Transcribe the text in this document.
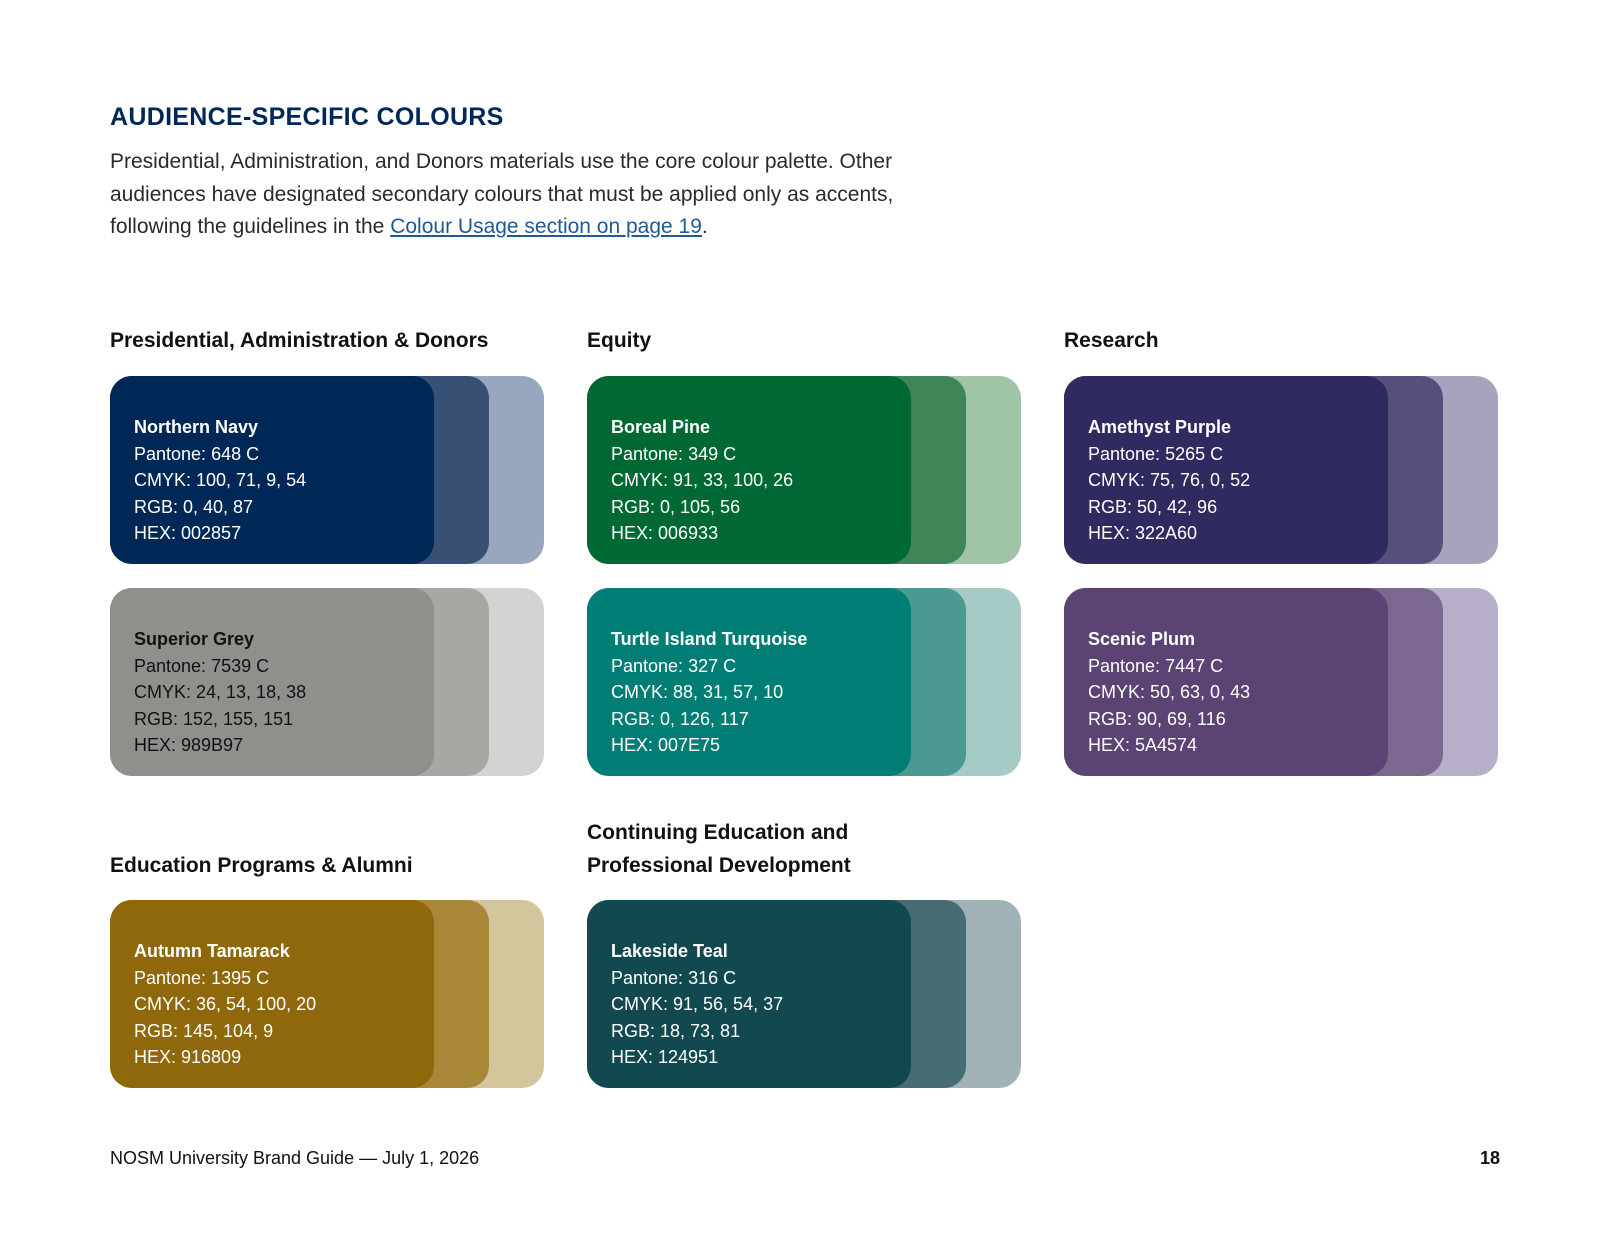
AUDIENCE-SPECIFIC COLOURS

Presidential, Administration, and Donors materials use the core colour palette. Other audiences have designated secondary colours that must be applied only as accents, following the guidelines in the Colour Usage section on page 19.

Presidential, Administration & Donors	Equity	Research
Education Programs & Alumni
Continuing Education and
Professional Development
Northern Navy
Pantone: 648 C
CMYK: 100, 71, 9, 54
RGB: 0, 40, 87
HEX: 002857
Superior Grey
Pantone: 7539 C
CMYK: 24, 13, 18, 38
RGB: 152, 155, 151
HEX: 989B97
Boreal Pine
Pantone: 349 C
CMYK: 91, 33, 100, 26
RGB: 0, 105, 56
HEX: 006933
Turtle Island Turquoise
Pantone: 327 C
CMYK: 88, 31, 57, 10
RGB: 0, 126, 117
HEX: 007E75
Amethyst Purple
Pantone: 5265 C
CMYK: 75, 76, 0, 52
RGB: 50, 42, 96
HEX: 322A60
Scenic Plum
Pantone: 7447 C
CMYK: 50, 63, 0, 43
RGB: 90, 69, 116
HEX: 5A4574
Autumn Tamarack
Pantone: 1395 C
CMYK: 36, 54, 100, 20
RGB: 145, 104, 9
HEX: 916809
Lakeside Teal
Pantone: 316 C
CMYK: 91, 56, 54, 37
RGB: 18, 73, 81
HEX: 124951
NOSM University Brand Guide — July 1, 2026	18
